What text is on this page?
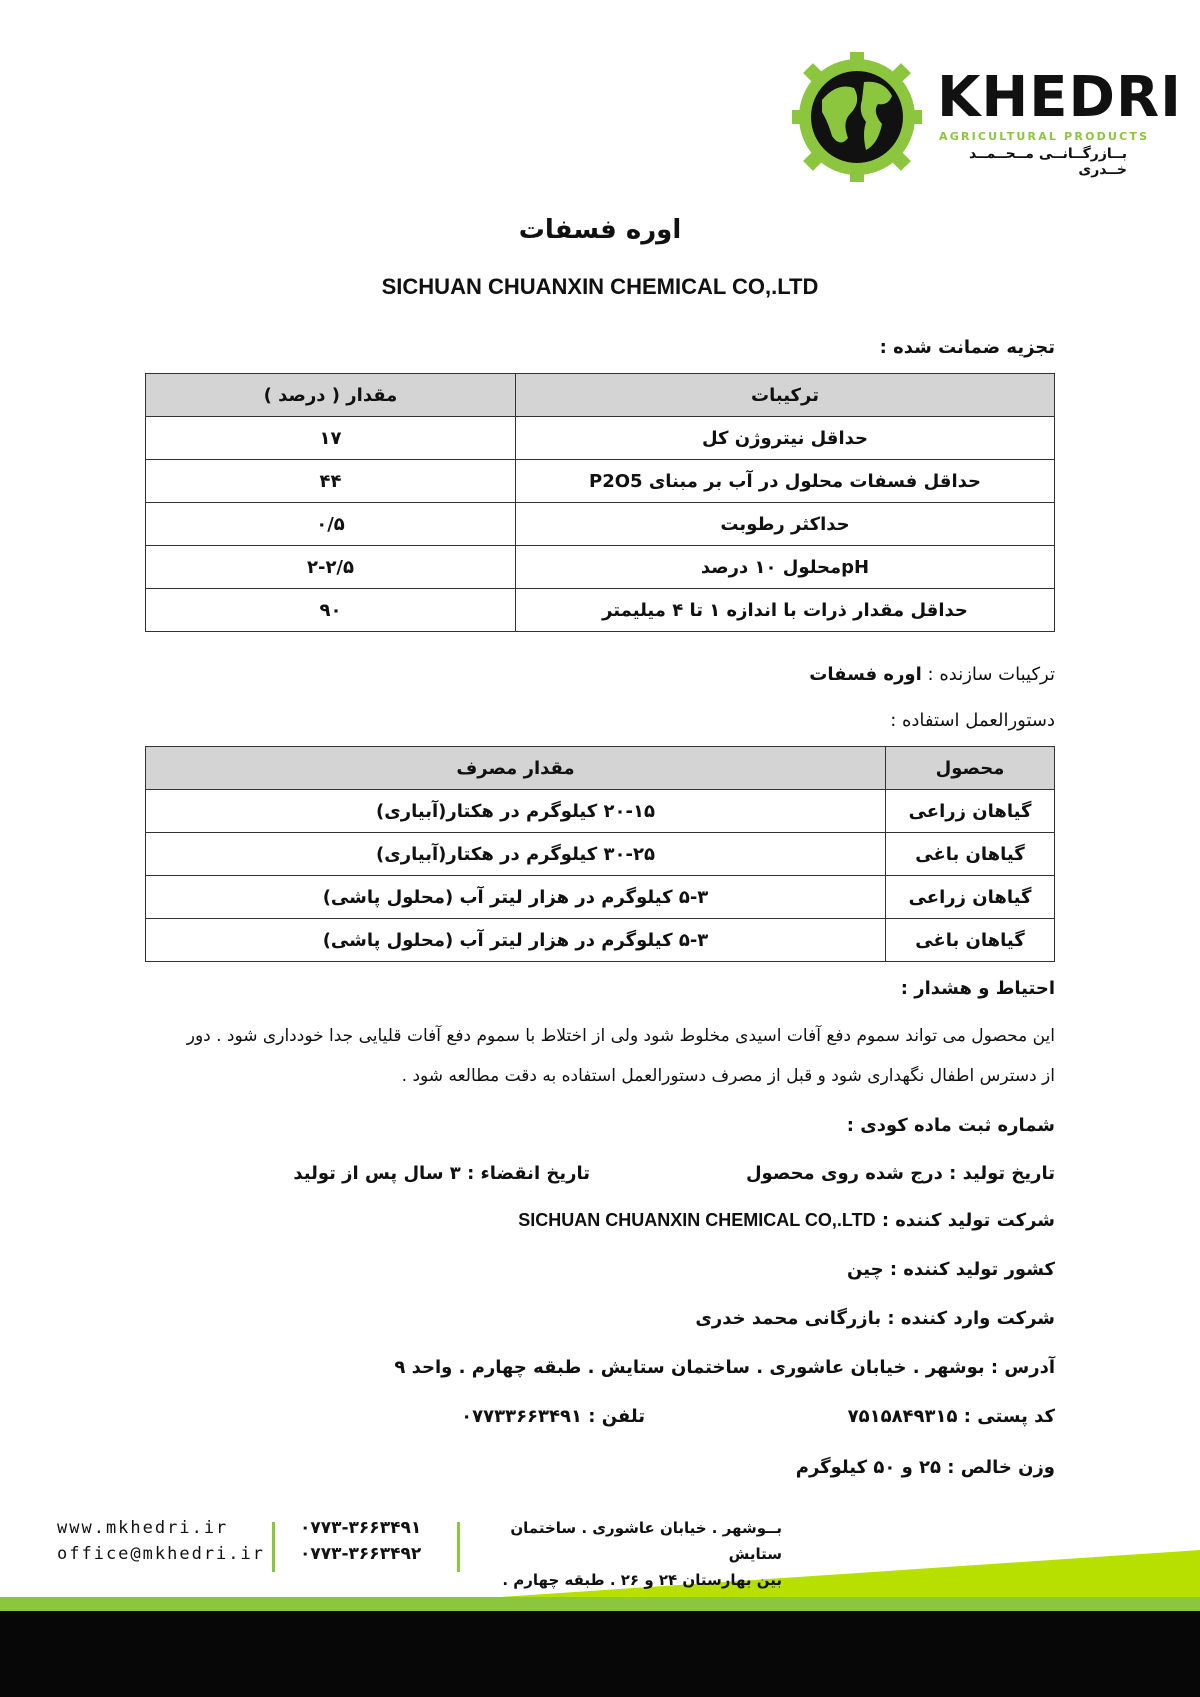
KHEDRI
AGRICULTURAL PRODUCTS
بــازرگــانــی مــحــمــد خــدری
اوره فسفات
SICHUAN CHUANXIN CHEMICAL CO,.LTD
تجزیه ضمانت شده :
ترکیبات	مقدار ( درصد )
حداقل نیتروژن کل	۱۷
حداقل فسفات محلول در آب بر مبنای P2O5	۴۴
حداکثر رطوبت	۰/۵
pHمحلول ۱۰ درصد	۲-۲/۵
حداقل مقدار ذرات با اندازه ۱ تا ۴ میلیمتر	۹۰
ترکیبات سازنده : اوره فسفات
دستورالعمل استفاده :
محصول	مقدار مصرف
گیاهان زراعی	۲۰-۱۵ کیلوگرم در هکتار(آبیاری)
گیاهان باغی	۳۰-۲۵ کیلوگرم در هکتار(آبیاری)
گیاهان زراعی	۵-۳ کیلوگرم در هزار لیتر آب (محلول پاشی)
گیاهان باغی	۵-۳ کیلوگرم در هزار لیتر آب (محلول پاشی)
احتیاط و هشدار :
این محصول می تواند سموم دفع آفات اسیدی مخلوط شود ولی از اختلاط با سموم دفع آفات قلیایی جدا خودداری شود . دور
از دسترس اطفال نگهداری شود و قبل از مصرف دستورالعمل استفاده به دقت مطالعه شود .
شماره ثبت ماده کودی :
تاریخ تولید : درج شده روی محصول
تاریخ انقضاء : ۳ سال پس از تولید
شرکت تولید کننده : SICHUAN CHUANXIN CHEMICAL CO,.LTD
کشور تولید کننده : چین
شرکت وارد کننده : بازرگانی محمد خدری
آدرس : بوشهر . خیابان عاشوری . ساختمان ستایش . طبقه چهارم . واحد ۹
کد پستی : ۷۵۱۵۸۴۹۳۱۵
تلفن : ۰۷۷۳۳۶۶۳۴۹۱
وزن خالص : ۲۵ و ۵۰ کیلوگرم
www.mkhedri.ir
office@mkhedri.ir
۰۷۷۳-۳۶۶۳۴۹۱
۰۷۷۳-۳۶۶۳۴۹۲
بــوشهر . خیابان عاشوری . ساختمان ستایش
بین بهارستان ۲۴ و ۲۶ . طبقه چهارم .
